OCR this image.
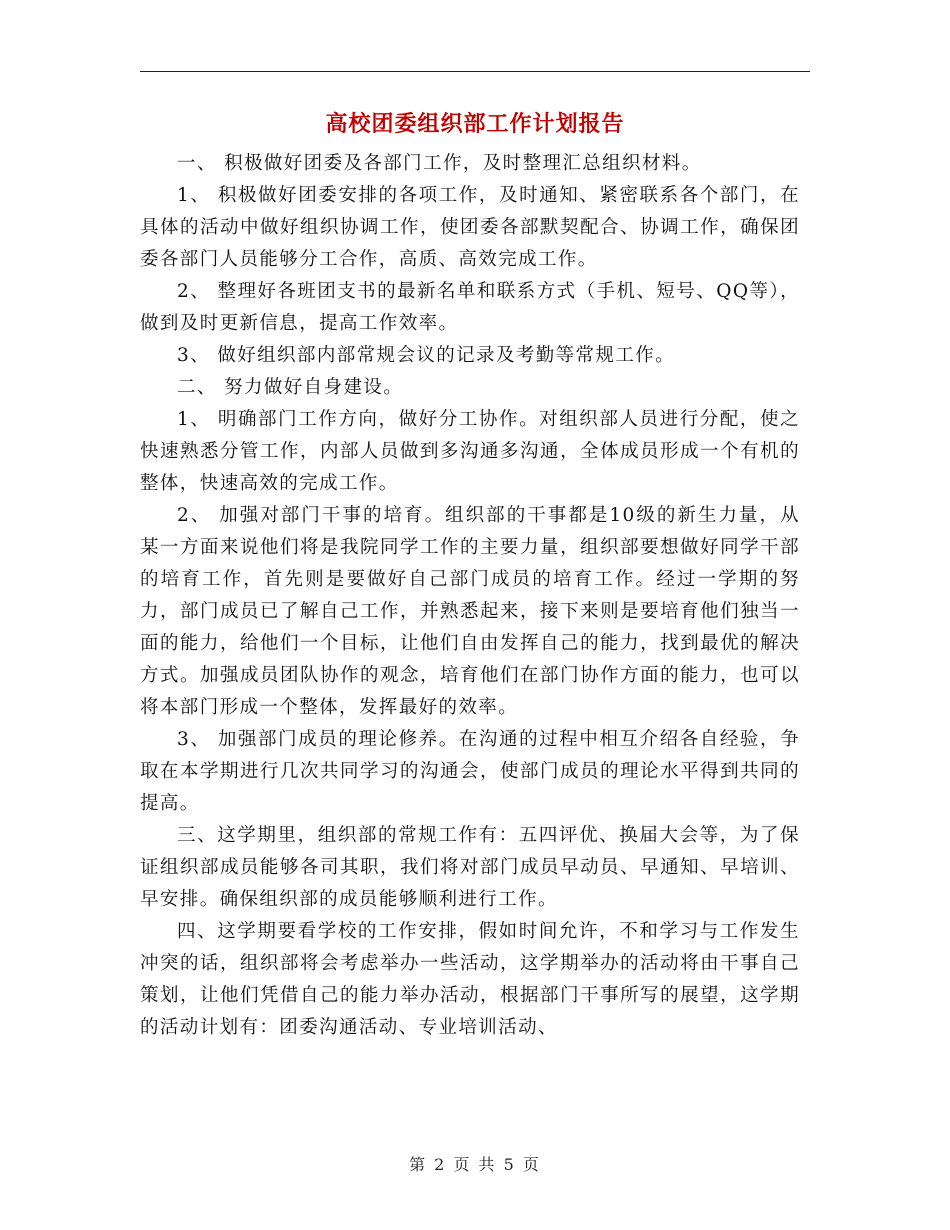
高校团委组织部工作计划报告

一、 积极做好团委及各部门工作，及时整理汇总组织材料。

1、 积极做好团委安排的各项工作，及时通知、紧密联系各个部门，在具体的活动中做好组织协调工作，使团委各部默契配合、协调工作，确保团委各部门人员能够分工合作，高质、高效完成工作。

2、 整理好各班团支书的最新名单和联系方式（手机、短号、QQ等），做到及时更新信息，提高工作效率。

3、 做好组织部内部常规会议的记录及考勤等常规工作。

二、 努力做好自身建设。

1、 明确部门工作方向，做好分工协作。对组织部人员进行分配，使之快速熟悉分管工作，内部人员做到多沟通多沟通，全体成员形成一个有机的整体，快速高效的完成工作。

2、 加强对部门干事的培育。组织部的干事都是10级的新生力量，从某一方面来说他们将是我院同学工作的主要力量，组织部要想做好同学干部的培育工作，首先则是要做好自己部门成员的培育工作。经过一学期的努力，部门成员已了解自己工作，并熟悉起来，接下来则是要培育他们独当一面的能力，给他们一个目标，让他们自由发挥自己的能力，找到最优的解决方式。加强成员团队协作的观念，培育他们在部门协作方面的能力，也可以将本部门形成一个整体，发挥最好的效率。

3、 加强部门成员的理论修养。在沟通的过程中相互介绍各自经验，争取在本学期进行几次共同学习的沟通会，使部门成员的理论水平得到共同的提高。

三、这学期里，组织部的常规工作有：五四评优、换届大会等，为了保证组织部成员能够各司其职，我们将对部门成员早动员、早通知、早培训、早安排。确保组织部的成员能够顺利进行工作。

四、这学期要看学校的工作安排，假如时间允许，不和学习与工作发生冲突的话，组织部将会考虑举办一些活动，这学期举办的活动将由干事自己策划，让他们凭借自己的能力举办活动，根据部门干事所写的展望，这学期的活动计划有：团委沟通活动、专业培训活动、

第 2 页 共 5 页
